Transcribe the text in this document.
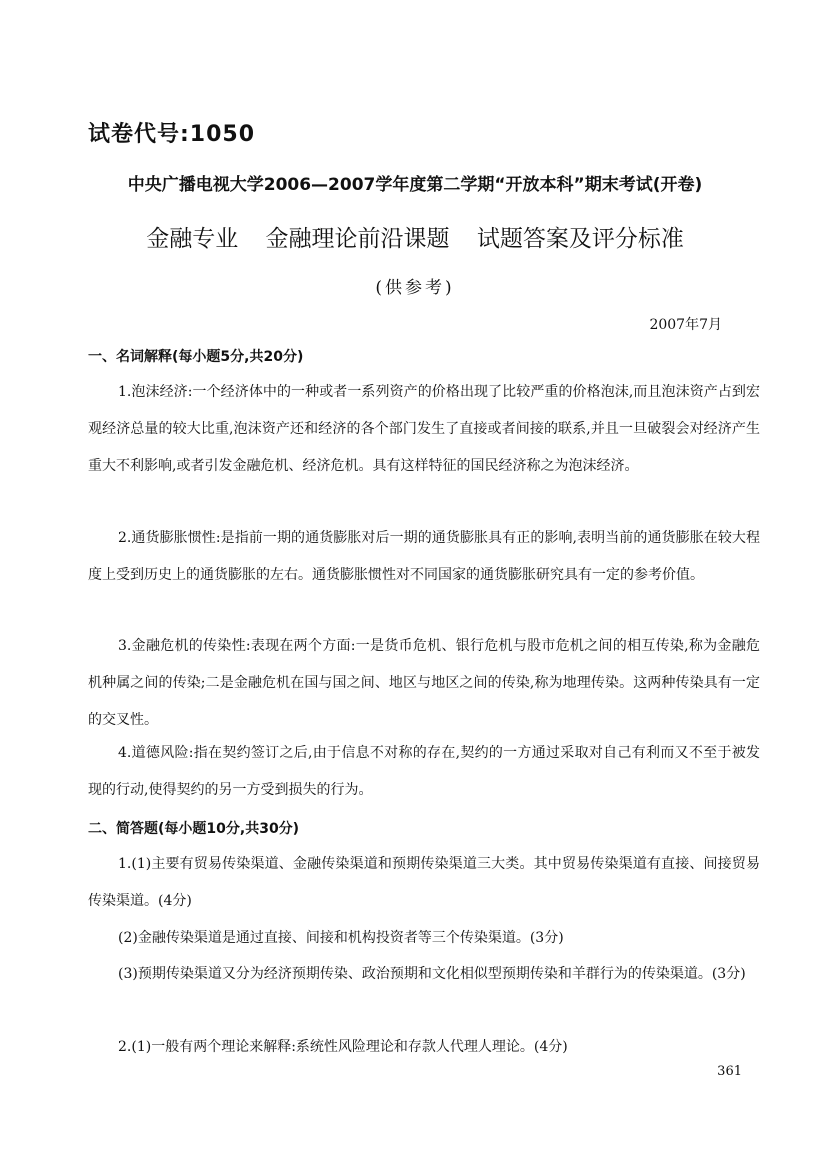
试卷代号:1050
中央广播电视大学2006—2007学年度第二学期“开放本科”期末考试(开卷)
金融专业 金融理论前沿课题 试题答案及评分标准
(供参考)
2007年7月
一、名词解释(每小题5分,共20分)
1.泡沫经济:一个经济体中的一种或者一系列资产的价格出现了比较严重的价格泡沫,而且泡沫资产占到宏观经济总量的较大比重,泡沫资产还和经济的各个部门发生了直接或者间接的联系,并且一旦破裂会对经济产生重大不利影响,或者引发金融危机、经济危机。具有这样特征的国民经济称之为泡沫经济。
2.通货膨胀惯性:是指前一期的通货膨胀对后一期的通货膨胀具有正的影响,表明当前的通货膨胀在较大程度上受到历史上的通货膨胀的左右。通货膨胀惯性对不同国家的通货膨胀研究具有一定的参考价值。
3.金融危机的传染性:表现在两个方面:一是货币危机、银行危机与股市危机之间的相互传染,称为金融危机种属之间的传染;二是金融危机在国与国之间、地区与地区之间的传染,称为地理传染。这两种传染具有一定的交叉性。
4.道德风险:指在契约签订之后,由于信息不对称的存在,契约的一方通过采取对自己有利而又不至于被发现的行动,使得契约的另一方受到损失的行为。
二、简答题(每小题10分,共30分)
1.(1)主要有贸易传染渠道、金融传染渠道和预期传染渠道三大类。其中贸易传染渠道有直接、间接贸易传染渠道。(4分)
(2)金融传染渠道是通过直接、间接和机构投资者等三个传染渠道。(3分)
(3)预期传染渠道又分为经济预期传染、政治预期和文化相似型预期传染和羊群行为的传染渠道。(3分)
2.(1)一般有两个理论来解释:系统性风险理论和存款人代理人理论。(4分)
361
